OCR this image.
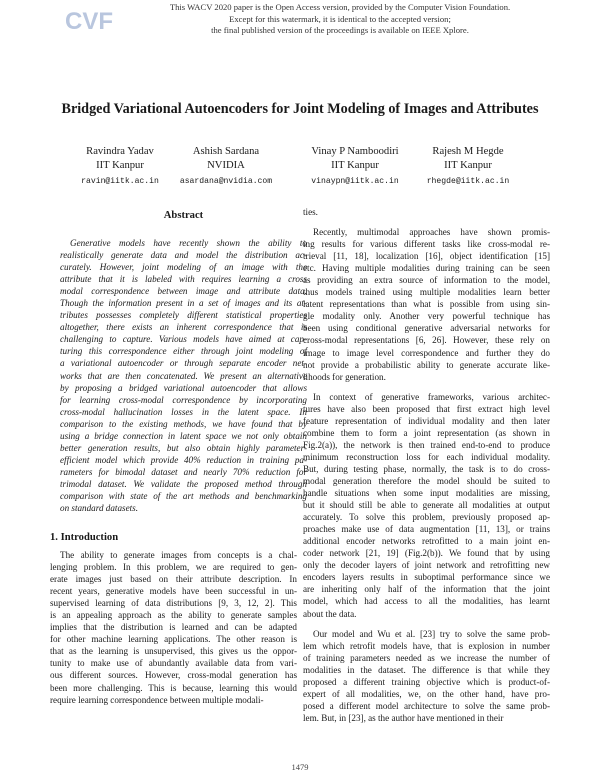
CVF
This WACV 2020 paper is the Open Access version, provided by the Computer Vision Foundation.
Except for this watermark, it is identical to the accepted version;
the final published version of the proceedings is available on IEEE Xplore.
Bridged Variational Autoencoders for Joint Modeling of Images and Attributes
Ravindra Yadav
IIT Kanpur
ravin@iitk.ac.in
Ashish Sardana
NVIDIA
asardana@nvidia.com
Vinay P Namboodiri
IIT Kanpur
vinaypn@iitk.ac.in
Rajesh M Hegde
IIT Kanpur
rhegde@iitk.ac.in
Abstract
Generative models have recently shown the ability to
realistically generate data and model the distribution ac-
curately. However, joint modeling of an image with the
attribute that it is labeled with requires learning a cross
modal correspondence between image and attribute data.
Though the information present in a set of images and its at-
tributes possesses completely different statistical properties
altogether, there exists an inherent correspondence that is
challenging to capture. Various models have aimed at cap-
turing this correspondence either through joint modeling of
a variational autoencoder or through separate encoder net-
works that are then concatenated. We present an alternative
by proposing a bridged variational autoencoder that allows
for learning cross-modal correspondence by incorporating
cross-modal hallucination losses in the latent space. In
comparison to the existing methods, we have found that by
using a bridge connection in latent space we not only obtain
better generation results, but also obtain highly parameter-
efficient model which provide 40% reduction in training pa-
rameters for bimodal dataset and nearly 70% reduction for
trimodal dataset. We validate the proposed method through
comparison with state of the art methods and benchmarking
on standard datasets.
1. Introduction
The ability to generate images from concepts is a chal-
lenging problem. In this problem, we are required to gen-
erate images just based on their attribute description. In
recent years, generative models have been successful in un-
supervised learning of data distributions [9, 3, 12, 2]. This
is an appealing approach as the ability to generate samples
implies that the distribution is learned and can be adapted
for other machine learning applications. The other reason is
that as the learning is unsupervised, this gives us the oppor-
tunity to make use of abundantly available data from vari-
ous different sources. However, cross-modal generation has
been more challenging. This is because, learning this would
require learning correspondence between multiple modali-
ties.
Recently, multimodal approaches have shown promis-
ing results for various different tasks like cross-modal re-
trieval [11, 18], localization [16], object identification [15]
etc. Having multiple modalities during training can be seen
as providing an extra source of information to the model,
thus models trained using multiple modalities learn better
latent representations than what is possible from using sin-
gle modality only. Another very powerful technique has
been using conditional generative adversarial networks for
cross-modal representations [6, 26]. However, these rely on
image to image level correspondence and further they do
not provide a probabilistic ability to generate accurate like-
lihoods for generation.
In context of generative frameworks, various architec-
tures have also been proposed that first extract high level
feature representation of individual modality and then later
combine them to form a joint representation (as shown in
Fig.2(a)), the network is then trained end-to-end to produce
minimum reconstruction loss for each individual modality.
But, during testing phase, normally, the task is to do cross-
modal generation therefore the model should be suited to
handle situations when some input modalities are missing,
but it should still be able to generate all modalities at output
accurately. To solve this problem, previously proposed ap-
proaches make use of data augmentation [11, 13], or trains
additional encoder networks retrofitted to a main joint en-
coder network [21, 19] (Fig.2(b)). We found that by using
only the decoder layers of joint network and retrofitting new
encoders layers results in suboptimal performance since we
are inheriting only half of the information that the joint
model, which had access to all the modalities, has learnt
about the data.
Our model and Wu et al. [23] try to solve the same prob-
lem which retrofit models have, that is explosion in number
of training parameters needed as we increase the number of
modalities in the dataset. The difference is that while they
proposed a different training objective which is product-of-
expert of all modalities, we, on the other hand, have pro-
posed a different model architecture to solve the same prob-
lem. But, in [23], as the author have mentioned in their
1479
